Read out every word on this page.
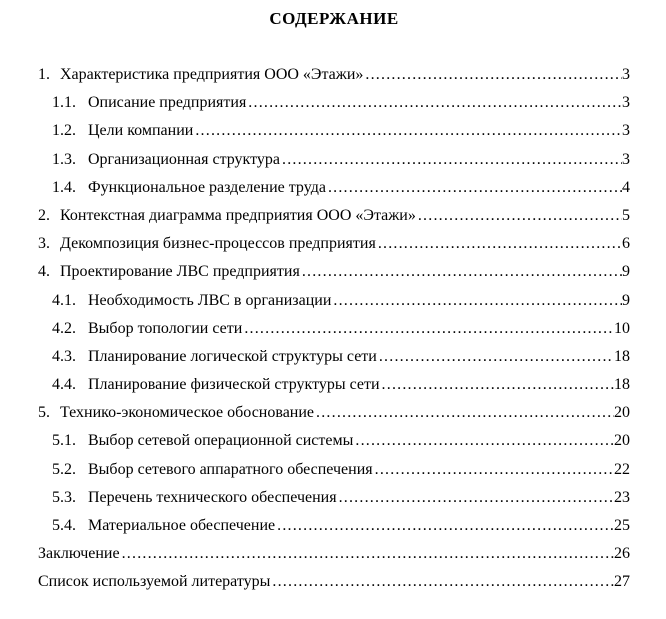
СОДЕРЖАНИЕ
1. Характеристика предприятия ООО «Этажи» .....	3
1.1. Описание предприятия .....	3
1.2. Цели компании .....	3
1.3. Организационная структура .....	3
1.4. Функциональное разделение труда .....	4
2. Контекстная диаграмма предприятия ООО «Этажи» .....	5
3. Декомпозиция бизнес-процессов предприятия .....	6
4. Проектирование ЛВС предприятия .....	9
4.1. Необходимость ЛВС в организации .....	9
4.2. Выбор топологии сети .....	10
4.3. Планирование логической структуры сети .....	18
4.4. Планирование физической структуры сети .....	18
5. Технико-экономическое обоснование .....	20
5.1. Выбор сетевой операционной системы .....	20
5.2. Выбор сетевого аппаратного обеспечения .....	22
5.3. Перечень технического обеспечения .....	23
5.4. Материальное обеспечение .....	25
Заключение .....	26
Список используемой литературы .....	27
